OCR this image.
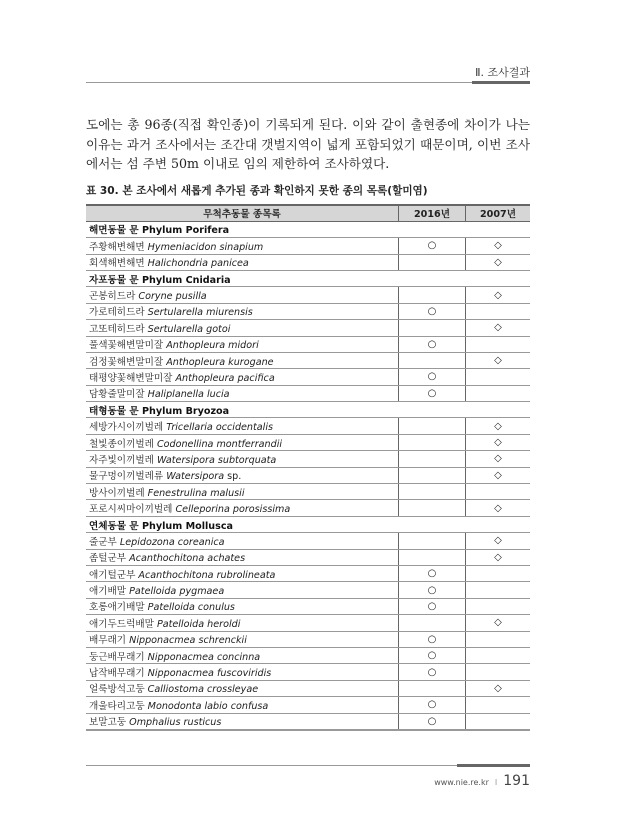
Ⅱ. 조사결과

도에는 총 96종(직접 확인종)이 기록되게 된다. 이와 같이 출현종에 차이가 나는 이유는 과거 조사에서는 조간대 갯벌지역이 넓게 포함되었기 때문이며, 이번 조사에서는 섬 주변 50m 이내로 임의 제한하여 조사하였다.

표 30. 본 조사에서 새롭게 추가된 종과 확인하지 못한 종의 목록(할미염)
무척추동물 종목록	2016년	2007년
해면동물 문 Phylum Porifera		
주황해변해면 Hymeniacidon sinapium	○	◇
회색해변해면 Halichondria panicea		◇
자포동물 문 Phylum Cnidaria		
곤봉히드라 Coryne pusilla		◇
가로테히드라 Sertularella miurensis	○	
고또테히드라 Sertularella gotoi		◇
풀색꽃해변말미잘 Anthopleura midori	○	
검정꽃해변말미잘 Anthopleura kurogane		◇
태평양꽃해변말미잘 Anthopleura pacifica	○	
담황줄말미잘 Haliplanella lucia	○	
태형동물 문 Phylum Bryozoa		
세방가시이끼벌레 Tricellaria occidentalis		◇
철빛종이끼벌레 Codonellina montferrandii		◇
자주빛이끼벌레 Watersipora subtorquata		◇
물구멍이끼벌레류 Watersipora sp.		◇
방사이끼벌레 Fenestrulina malusii		
포로시씨마이끼벌레 Celleporina porosissima		◇
연체동물 문 Phylum Mollusca		
줄군부 Lepidozona coreanica		◇
좀털군부 Acanthochitona achates		◇
애기털군부 Acanthochitona rubrolineata	○	
애기배말 Patelloida pygmaea	○	
호롱애기배말 Patelloida conulus	○	
애기두드럭배말 Patelloida heroldi		◇
배무래기 Nipponacmea schrenckii	○	
둥근배무래기 Nipponacmea concinna	○	
납작배무래기 Nipponacmea fuscoviridis	○	
얼룩방석고둥 Calliostoma crossleyae		◇
개울타리고둥 Monodonta labio confusa	○	
보말고둥 Omphalius rusticus	○	
www.nie.re.kr I 191
